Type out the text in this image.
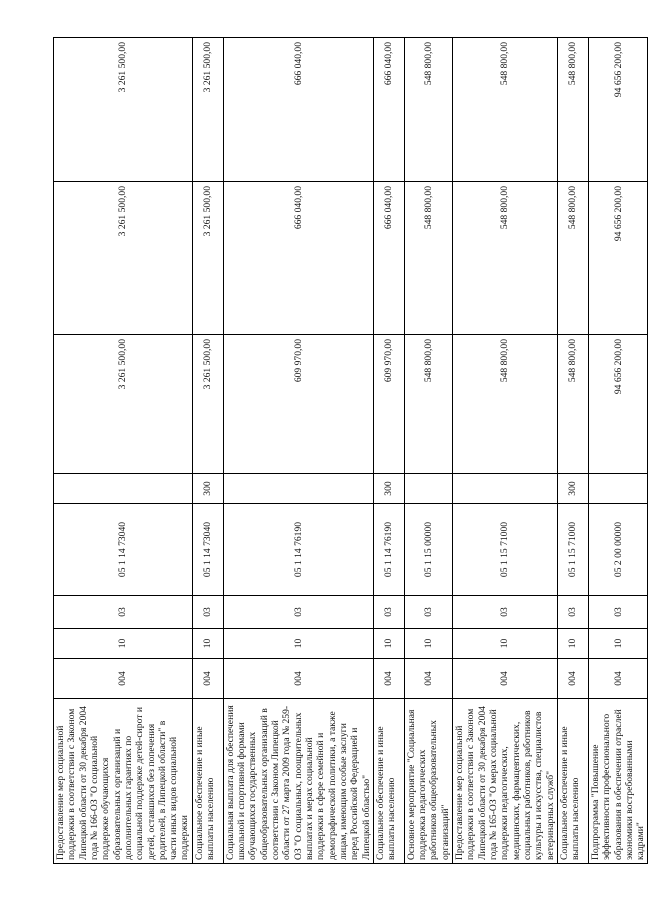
Предоставление мер социальной поддержки в соответствии с Законом Липецкой области от 30 декабря 2004 года № 166-ОЗ "О социальной поддержке обучающихся образовательных организаций и дополнительных гарантиях по социальной поддержке детей-сирот и детей, оставшихся без попечения родителей, в Липецкой области" в части иных видов социальной поддержки	004	10	03	05 1 14 73040		3 261 500,00	3 261 500,00	3 261 500,00
Социальное обеспечение и иные выплаты населению	004	10	03	05 1 14 73040	300	3 261 500,00	3 261 500,00	3 261 500,00
Социальная выплата для обеспечения школьной и спортивной формами обучающихся государственных общеобразовательных организаций в соответствии с Законом Липецкой области от 27 марта 2009 года № 259-ОЗ "О социальных, поощрительных выплатах и мерах социальной поддержки в сфере семейной и демографической политики, а также лицам, имеющим особые заслуги перед Российской Федерацией и Липецкой областью"	004	10	03	05 1 14 76190		609 970,00	666 040,00	666 040,00
Социальное обеспечение и иные выплаты населению	004	10	03	05 1 14 76190	300	609 970,00	666 040,00	666 040,00
Основное мероприятие "Социальная поддержка педагогических работников общеобразовательных организаций"	004	10	03	05 1 15 00000		548 800,00	548 800,00	548 800,00
Предоставление мер социальной поддержки в соответствии с Законом Липецкой области от 30 декабря 2004 года № 165-ОЗ "О мерах социальной поддержки педагогических, медицинских, фармацевтических, социальных работников, работников культуры и искусства, специалистов ветеринарных служб"	004	10	03	05 1 15 71000		548 800,00	548 800,00	548 800,00
Социальное обеспечение и иные выплаты населению	004	10	03	05 1 15 71000	300	548 800,00	548 800,00	548 800,00
Подпрограмма "Повышение эффективности профессионального образования в обеспечении отраслей экономики востребованными кадрами"	004	10	03	05 2 00 00000		94 656 200,00	94 656 200,00	94 656 200,00
